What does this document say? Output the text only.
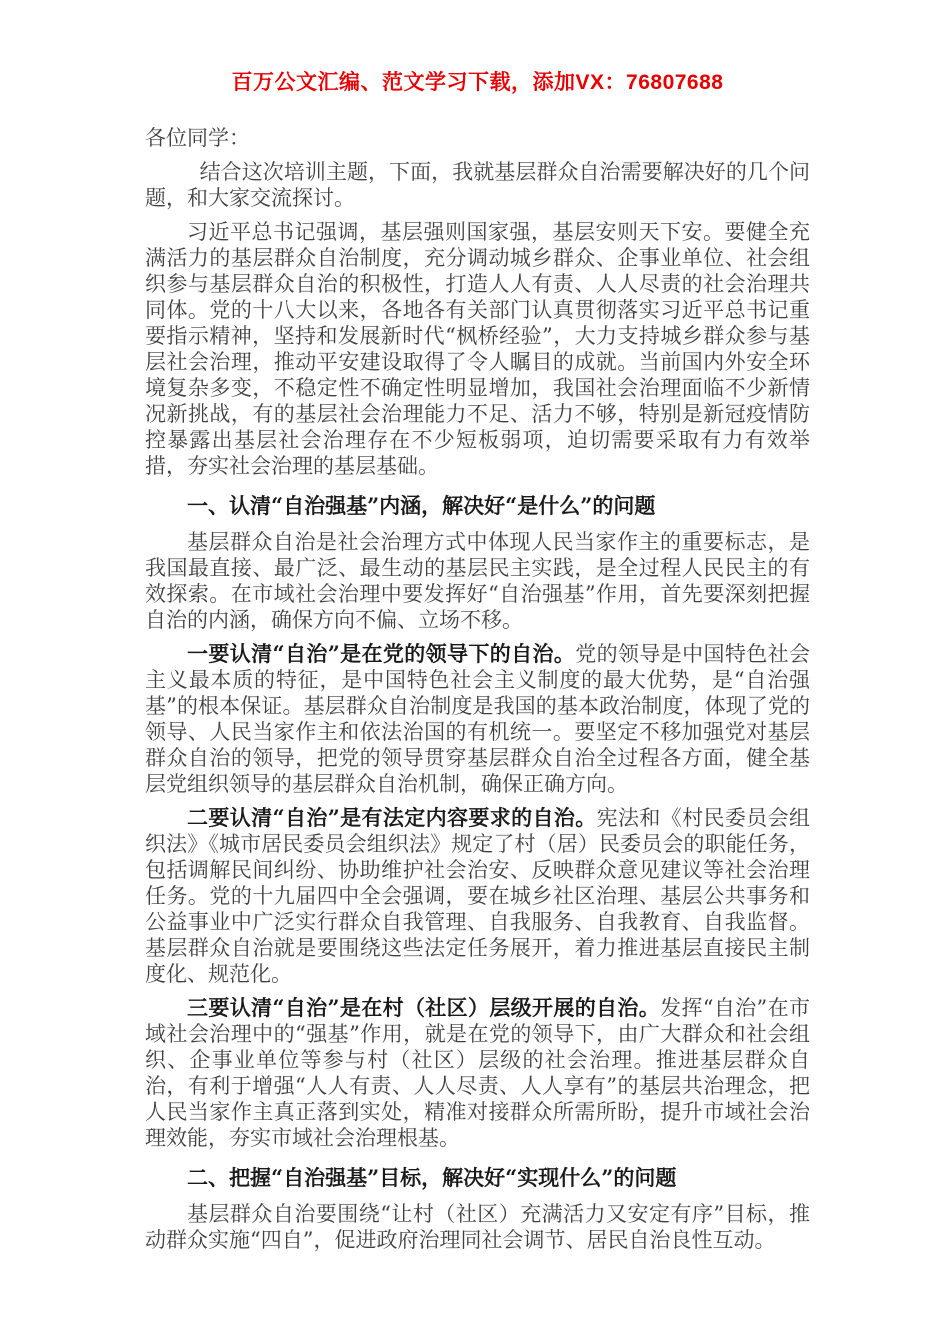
百万公文汇编、范文学习下载，添加VX：76807688

各位同学：

结合这次培训主题，下面，我就基层群众自治需要解决好的几个问题，和大家交流探讨。

习近平总书记强调，基层强则国家强，基层安则天下安。要健全充满活力的基层群众自治制度，充分调动城乡群众、企事业单位、社会组织参与基层群众自治的积极性，打造人人有责、人人尽责的社会治理共同体。党的十八大以来，各地各有关部门认真贯彻落实习近平总书记重要指示精神，坚持和发展新时代“枫桥经验”，大力支持城乡群众参与基层社会治理，推动平安建设取得了令人瞩目的成就。当前国内外安全环境复杂多变，不稳定性不确定性明显增加，我国社会治理面临不少新情况新挑战，有的基层社会治理能力不足、活力不够，特别是新冠疫情防控暴露出基层社会治理存在不少短板弱项，迫切需要采取有力有效举措，夯实社会治理的基层基础。

一、认清“自治强基”内涵，解决好“是什么”的问题

基层群众自治是社会治理方式中体现人民当家作主的重要标志，是我国最直接、最广泛、最生动的基层民主实践，是全过程人民民主的有效探索。在市域社会治理中要发挥好“自治强基”作用，首先要深刻把握自治的内涵，确保方向不偏、立场不移。

一要认清“自治”是在党的领导下的自治。党的领导是中国特色社会主义最本质的特征，是中国特色社会主义制度的最大优势，是“自治强基”的根本保证。基层群众自治制度是我国的基本政治制度，体现了党的领导、人民当家作主和依法治国的有机统一。要坚定不移加强党对基层群众自治的领导，把党的领导贯穿基层群众自治全过程各方面，健全基层党组织领导的基层群众自治机制，确保正确方向。

二要认清“自治”是有法定内容要求的自治。宪法和《村民委员会组织法》《城市居民委员会组织法》规定了村（居）民委员会的职能任务，包括调解民间纠纷、协助维护社会治安、反映群众意见建议等社会治理任务。党的十九届四中全会强调，要在城乡社区治理、基层公共事务和公益事业中广泛实行群众自我管理、自我服务、自我教育、自我监督。基层群众自治就是要围绕这些法定任务展开，着力推进基层直接民主制度化、规范化。

三要认清“自治”是在村（社区）层级开展的自治。发挥“自治”在市域社会治理中的“强基”作用，就是在党的领导下，由广大群众和社会组织、企事业单位等参与村（社区）层级的社会治理。推进基层群众自治，有利于增强“人人有责、人人尽责、人人享有”的基层共治理念，把人民当家作主真正落到实处，精准对接群众所需所盼，提升市域社会治理效能，夯实市域社会治理根基。

二、把握“自治强基”目标，解决好“实现什么”的问题

基层群众自治要围绕“让村（社区）充满活力又安定有序”目标，推动群众实施“四自”，促进政府治理同社会调节、居民自治良性互动。
